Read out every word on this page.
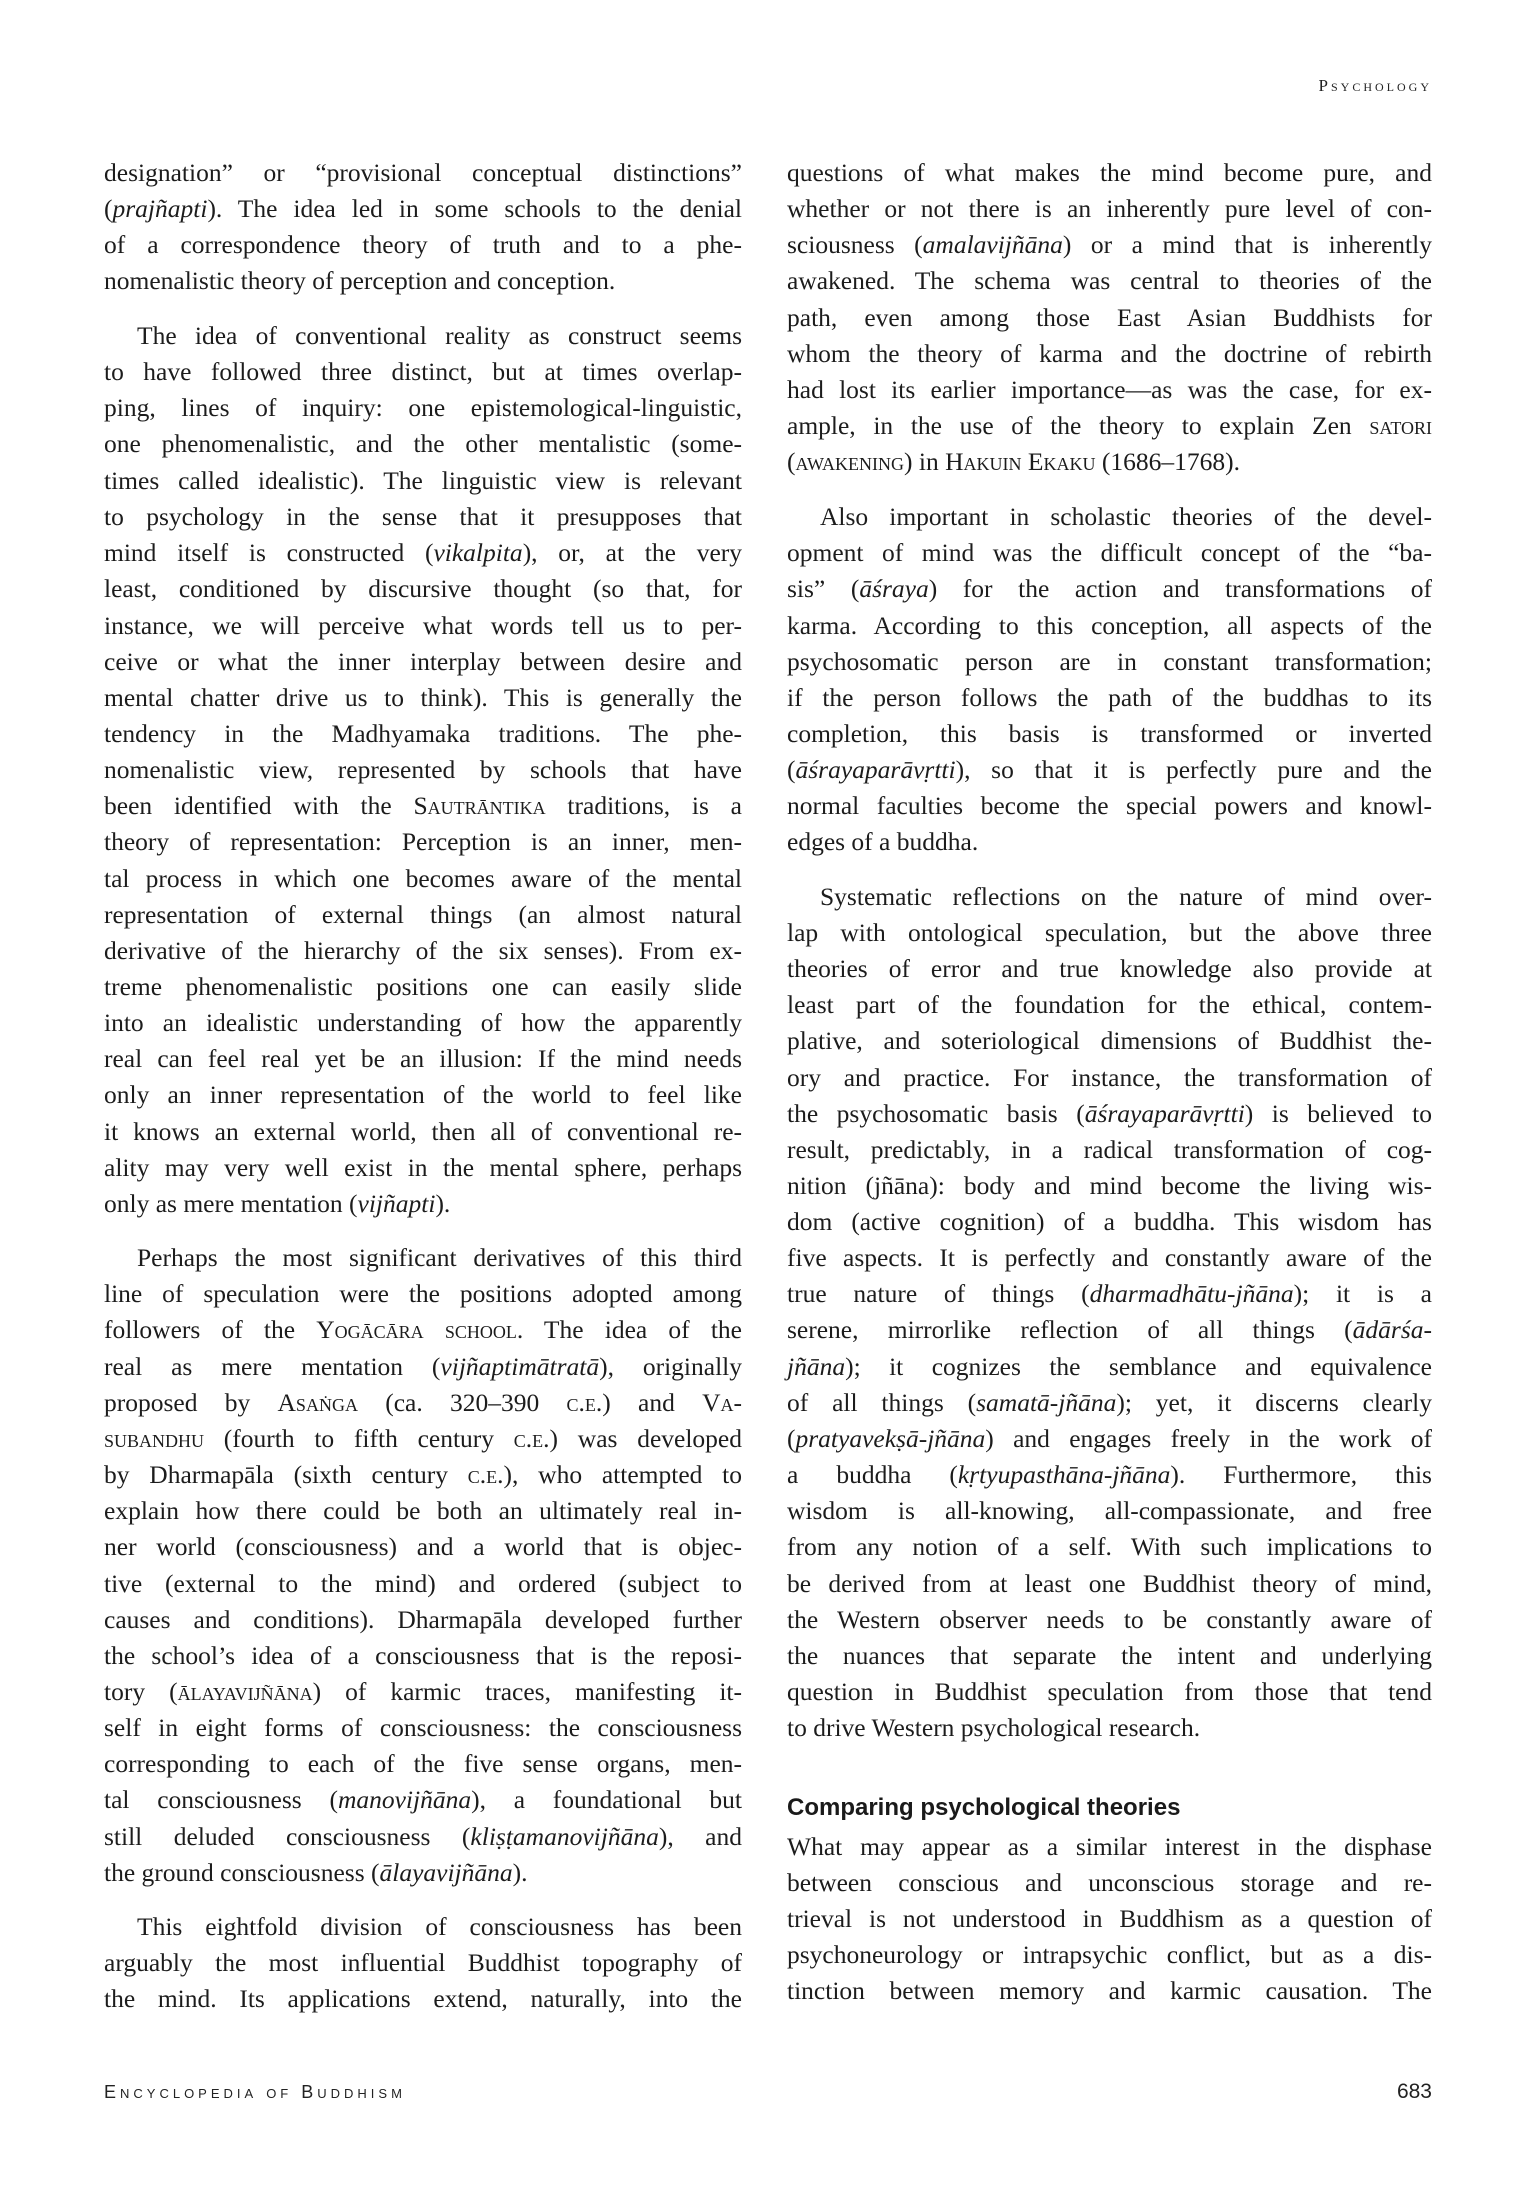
Psychology
designation” or “provisional conceptual distinctions”
(prajñapti). The idea led in some schools to the denial
of a correspondence theory of truth and to a phe-
nomenalistic theory of perception and conception.
The idea of conventional reality as construct seems
to have followed three distinct, but at times overlap-
ping, lines of inquiry: one epistemological-linguistic,
one phenomenalistic, and the other mentalistic (some-
times called idealistic). The linguistic view is relevant
to psychology in the sense that it presupposes that
mind itself is constructed (vikalpita), or, at the very
least, conditioned by discursive thought (so that, for
instance, we will perceive what words tell us to per-
ceive or what the inner interplay between desire and
mental chatter drive us to think). This is generally the
tendency in the Madhyamaka traditions. The phe-
nomenalistic view, represented by schools that have
been identified with the Sautrāntika traditions, is a
theory of representation: Perception is an inner, men-
tal process in which one becomes aware of the mental
representation of external things (an almost natural
derivative of the hierarchy of the six senses). From ex-
treme phenomenalistic positions one can easily slide
into an idealistic understanding of how the apparently
real can feel real yet be an illusion: If the mind needs
only an inner representation of the world to feel like
it knows an external world, then all of conventional re-
ality may very well exist in the mental sphere, perhaps
only as mere mentation (vijñapti).
Perhaps the most significant derivatives of this third
line of speculation were the positions adopted among
followers of the Yogācāra school. The idea of the
real as mere mentation (vijñaptimātratā), originally
proposed by Asaṅga (ca. 320–390 c.e.) and Va-
subandhu (fourth to fifth century c.e.) was developed
by Dharmapāla (sixth century c.e.), who attempted to
explain how there could be both an ultimately real in-
ner world (consciousness) and a world that is objec-
tive (external to the mind) and ordered (subject to
causes and conditions). Dharmapāla developed further
the school’s idea of a consciousness that is the reposi-
tory (ālayavijñāna) of karmic traces, manifesting it-
self in eight forms of consciousness: the consciousness
corresponding to each of the five sense organs, men-
tal consciousness (manovijñāna), a foundational but
still deluded consciousness (kliṣṭamanovijñāna), and
the ground consciousness (ālayavijñāna).
This eightfold division of consciousness has been
arguably the most influential Buddhist topography of
the mind. Its applications extend, naturally, into the
Comparing psychological theories
questions of what makes the mind become pure, and
whether or not there is an inherently pure level of con-
sciousness (amalavijñāna) or a mind that is inherently
awakened. The schema was central to theories of the
path, even among those East Asian Buddhists for
whom the theory of karma and the doctrine of rebirth
had lost its earlier importance—as was the case, for ex-
ample, in the use of the theory to explain Zen satori
(awakening) in Hakuin Ekaku (1686–1768).
Also important in scholastic theories of the devel-
opment of mind was the difficult concept of the “ba-
sis” (āśraya) for the action and transformations of
karma. According to this conception, all aspects of the
psychosomatic person are in constant transformation;
if the person follows the path of the buddhas to its
completion, this basis is transformed or inverted
(āśrayaparāvṛtti), so that it is perfectly pure and the
normal faculties become the special powers and knowl-
edges of a buddha.
Systematic reflections on the nature of mind over-
lap with ontological speculation, but the above three
theories of error and true knowledge also provide at
least part of the foundation for the ethical, contem-
plative, and soteriological dimensions of Buddhist the-
ory and practice. For instance, the transformation of
the psychosomatic basis (āśrayaparāvṛtti) is believed to
result, predictably, in a radical transformation of cog-
nition (jñāna): body and mind become the living wis-
dom (active cognition) of a buddha. This wisdom has
five aspects. It is perfectly and constantly aware of the
true nature of things (dharmadhātu-jñāna); it is a
serene, mirrorlike reflection of all things (ādārśa-
jñāna); it cognizes the semblance and equivalence
of all things (samatā-jñāna); yet, it discerns clearly
(pratyavekṣā-jñāna) and engages freely in the work of
a buddha (kṛtyupasthāna-jñāna). Furthermore, this
wisdom is all-knowing, all-compassionate, and free
from any notion of a self. With such implications to
be derived from at least one Buddhist theory of mind,
the Western observer needs to be constantly aware of
the nuances that separate the intent and underlying
question in Buddhist speculation from those that tend
to drive Western psychological research.
What may appear as a similar interest in the disphase
between conscious and unconscious storage and re-
trieval is not understood in Buddhism as a question of
psychoneurology or intrapsychic conflict, but as a dis-
tinction between memory and karmic causation. The
Encyclopedia of Buddhism	683
